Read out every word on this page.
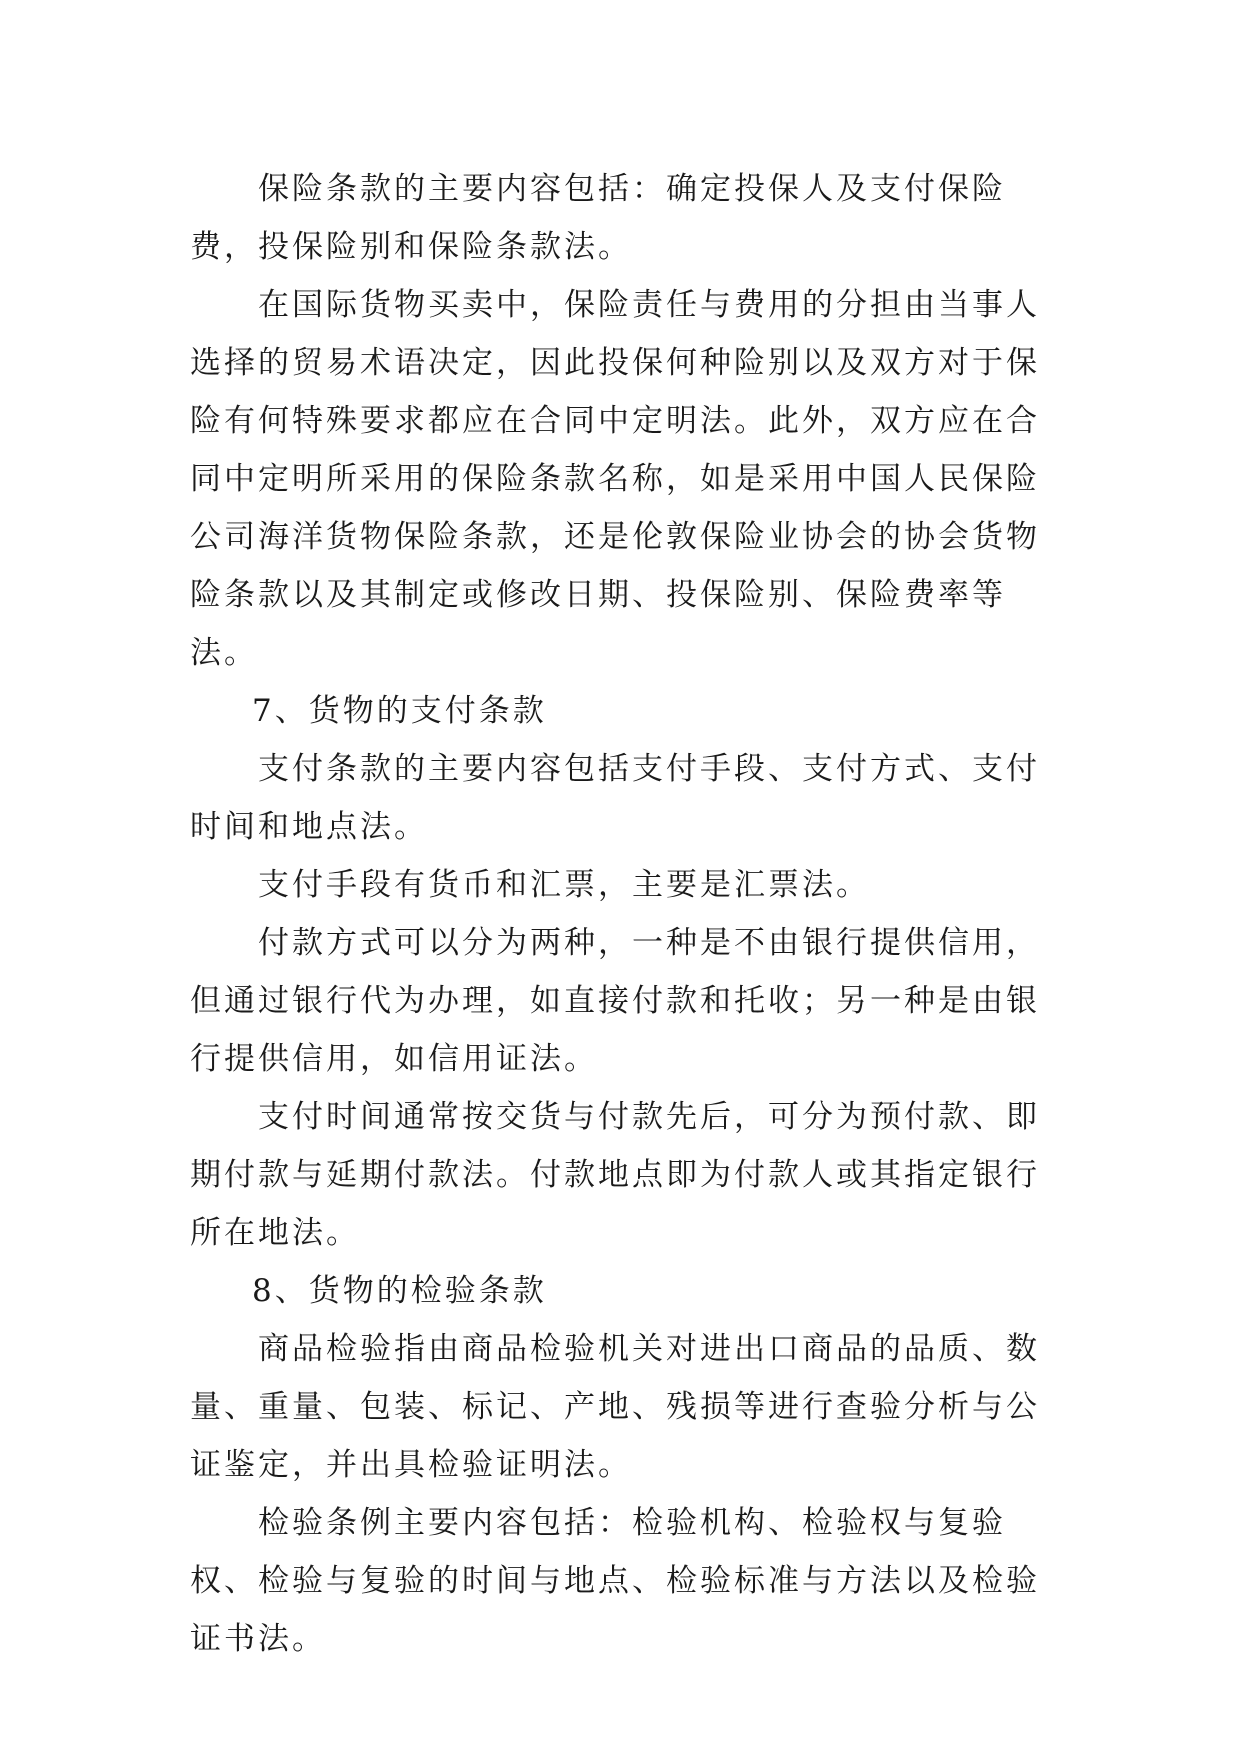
保险条款的主要内容包括：确定投保人及支付保险费，投保险别和保险条款法。

在国际货物买卖中，保险责任与费用的分担由当事人选择的贸易术语决定，因此投保何种险别以及双方对于保险有何特殊要求都应在合同中定明法。此外，双方应在合同中定明所采用的保险条款名称，如是采用中国人民保险公司海洋货物保险条款，还是伦敦保险业协会的协会货物险条款以及其制定或修改日期、投保险别、保险费率等法。

7、货物的支付条款

支付条款的主要内容包括支付手段、支付方式、支付时间和地点法。

支付手段有货币和汇票，主要是汇票法。

付款方式可以分为两种，一种是不由银行提供信用，但通过银行代为办理，如直接付款和托收；另一种是由银行提供信用，如信用证法。

支付时间通常按交货与付款先后，可分为预付款、即期付款与延期付款法。付款地点即为付款人或其指定银行所在地法。

8、货物的检验条款

商品检验指由商品检验机关对进出口商品的品质、数量、重量、包装、标记、产地、残损等进行查验分析与公证鉴定，并出具检验证明法。

检验条例主要内容包括：检验机构、检验权与复验权、检验与复验的时间与地点、检验标准与方法以及检验证书法。
